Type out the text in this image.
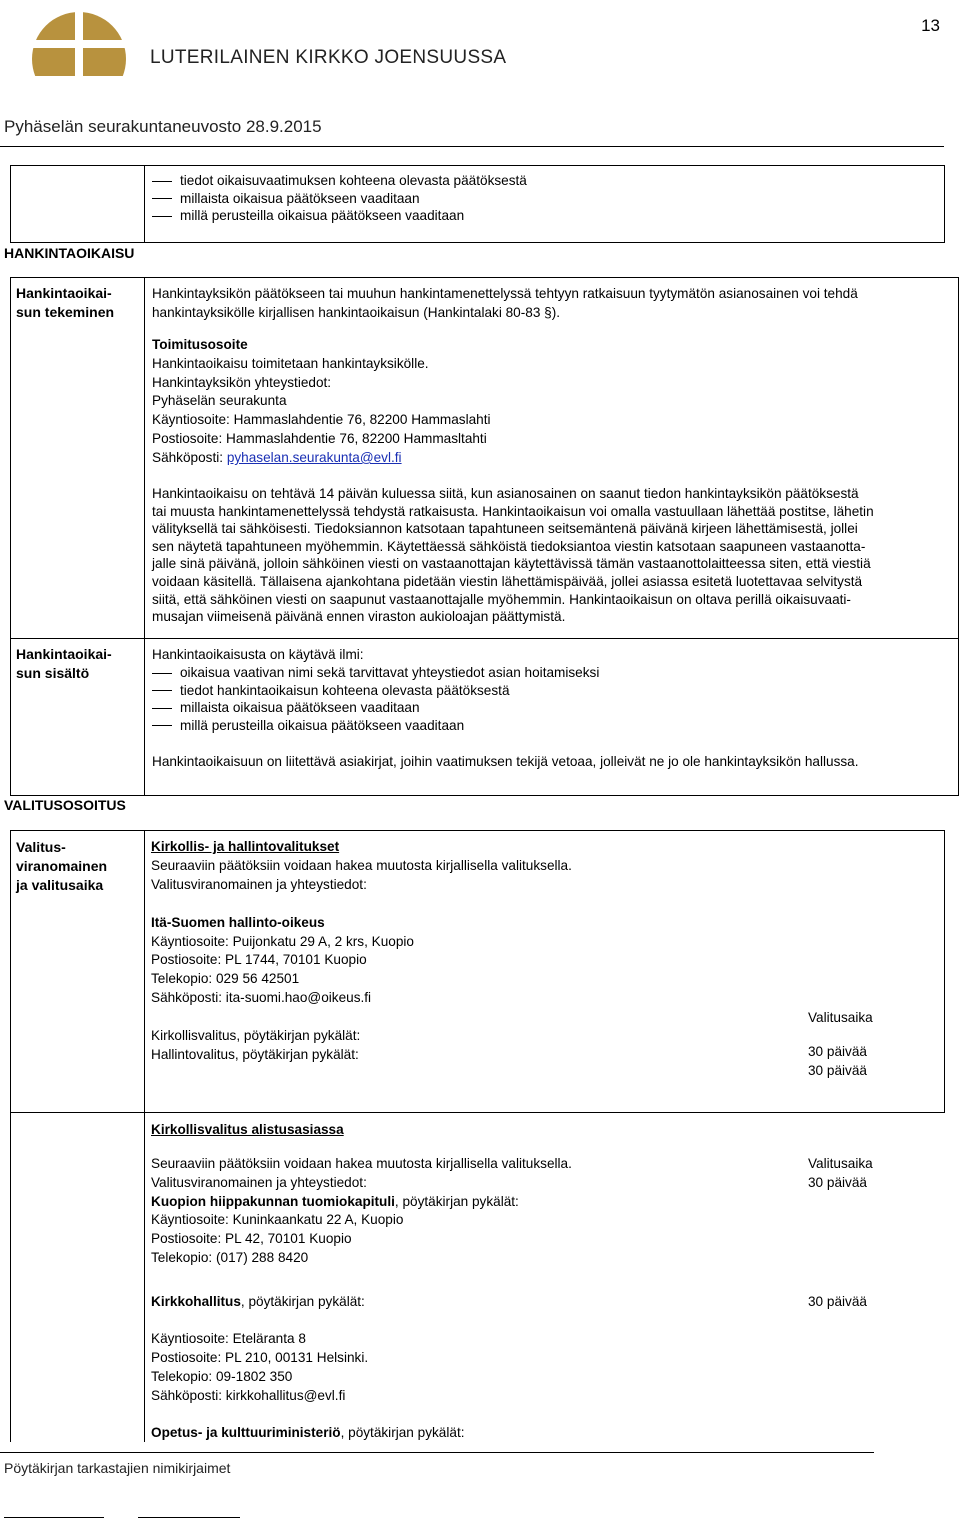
13
LUTERILAINEN KIRKKO JOENSUUSSA
Pyhäselän seurakuntaneuvosto 28.9.2015
tiedot oikaisuvaatimuksen kohteena olevasta päätöksestä
millaista oikaisua päätökseen vaaditaan
millä perusteilla oikaisua päätökseen vaaditaan
HANKINTAOIKAISU
Hankintaoikai-
sun tekeminen
Hankintayksikön päätökseen tai muuhun hankintamenettelyssä tehtyyn ratkaisuun tyytymätön asianosainen voi tehdä
hankintayksikölle kirjallisen hankintaoikaisun (Hankintalaki 80-83 §).
Toimitusosoite
Hankintaoikaisu toimitetaan hankintayksikölle.
Hankintayksikön yhteystiedot:
Pyhäselän seurakunta
Käyntiosoite: Hammaslahdentie 76, 82200 Hammaslahti
Postiosoite: Hammaslahdentie 76, 82200 Hammasltahti
Sähköposti: pyhaselan.seurakunta@evl.fi
Hankintaoikaisu on tehtävä 14 päivän kuluessa siitä, kun asianosainen on saanut tiedon hankintayksikön päätöksestä
tai muusta hankintamenettelyssä tehdystä ratkaisusta. Hankintaoikaisun voi omalla vastuullaan lähettää postitse, lähetin
välityksellä tai sähköisesti. Tiedoksiannon katsotaan tapahtuneen seitsemäntenä päivänä kirjeen lähettämisestä, jollei
sen näytetä tapahtuneen myöhemmin. Käytettäessä sähköistä tiedoksiantoa viestin katsotaan saapuneen vastaanotta-
jalle sinä päivänä, jolloin sähköinen viesti on vastaanottajan käytettävissä tämän vastaanottolaitteessa siten, että viestiä
voidaan käsitellä. Tällaisena ajankohtana pidetään viestin lähettämispäivää, jollei asiassa esitetä luotettavaa selvitystä
siitä, että sähköinen viesti on saapunut vastaanottajalle myöhemmin. Hankintaoikaisun on oltava perillä oikaisuvaati-
musajan viimeisenä päivänä ennen viraston aukioloajan päättymistä.
Hankintaoikai-
sun sisältö
Hankintaoikaisusta on käytävä ilmi:
oikaisua vaativan nimi sekä tarvittavat yhteystiedot asian hoitamiseksi
tiedot hankintaoikaisun kohteena olevasta päätöksestä
millaista oikaisua päätökseen vaaditaan
millä perusteilla oikaisua päätökseen vaaditaan
Hankintaoikaisuun on liitettävä asiakirjat, joihin vaatimuksen tekijä vetoaa, jolleivät ne jo ole hankintayksikön hallussa.
VALITUSOSOITUS
Valitus-
viranomainen
ja valitusaika
Kirkollis- ja hallintovalitukset
Seuraaviin päätöksiin voidaan hakea muutosta kirjallisella valituksella.
Valitusviranomainen ja yhteystiedot:
Itä-Suomen hallinto-oikeus
Käyntiosoite: Puijonkatu 29 A, 2 krs, Kuopio
Postiosoite: PL 1744, 70101 Kuopio
Telekopio: 029 56 42501
Sähköposti: ita-suomi.hao@oikeus.fi
Kirkollisvalitus, pöytäkirjan pykälät:
Hallintovalitus, pöytäkirjan pykälät:
Valitusaika
30 päivää
30 päivää
Kirkollisvalitus alistusasiassa
Seuraaviin päätöksiin voidaan hakea muutosta kirjallisella valituksella.
Valitusviranomainen ja yhteystiedot:
Valitusaika
30 päivää
Kuopion hiippakunnan tuomiokapituli, pöytäkirjan pykälät:
Käyntiosoite: Kuninkaankatu 22 A, Kuopio
Postiosoite: PL 42, 70101 Kuopio
Telekopio: (017) 288 8420
Kirkkohallitus, pöytäkirjan pykälät:	30 päivää
Käyntiosoite: Eteläranta 8
Postiosoite: PL 210, 00131 Helsinki.
Telekopio: 09-1802 350
Sähköposti: kirkkohallitus@evl.fi
Opetus- ja kulttuuriministeriö, pöytäkirjan pykälät:
Pöytäkirjan tarkastajien nimikirjaimet
